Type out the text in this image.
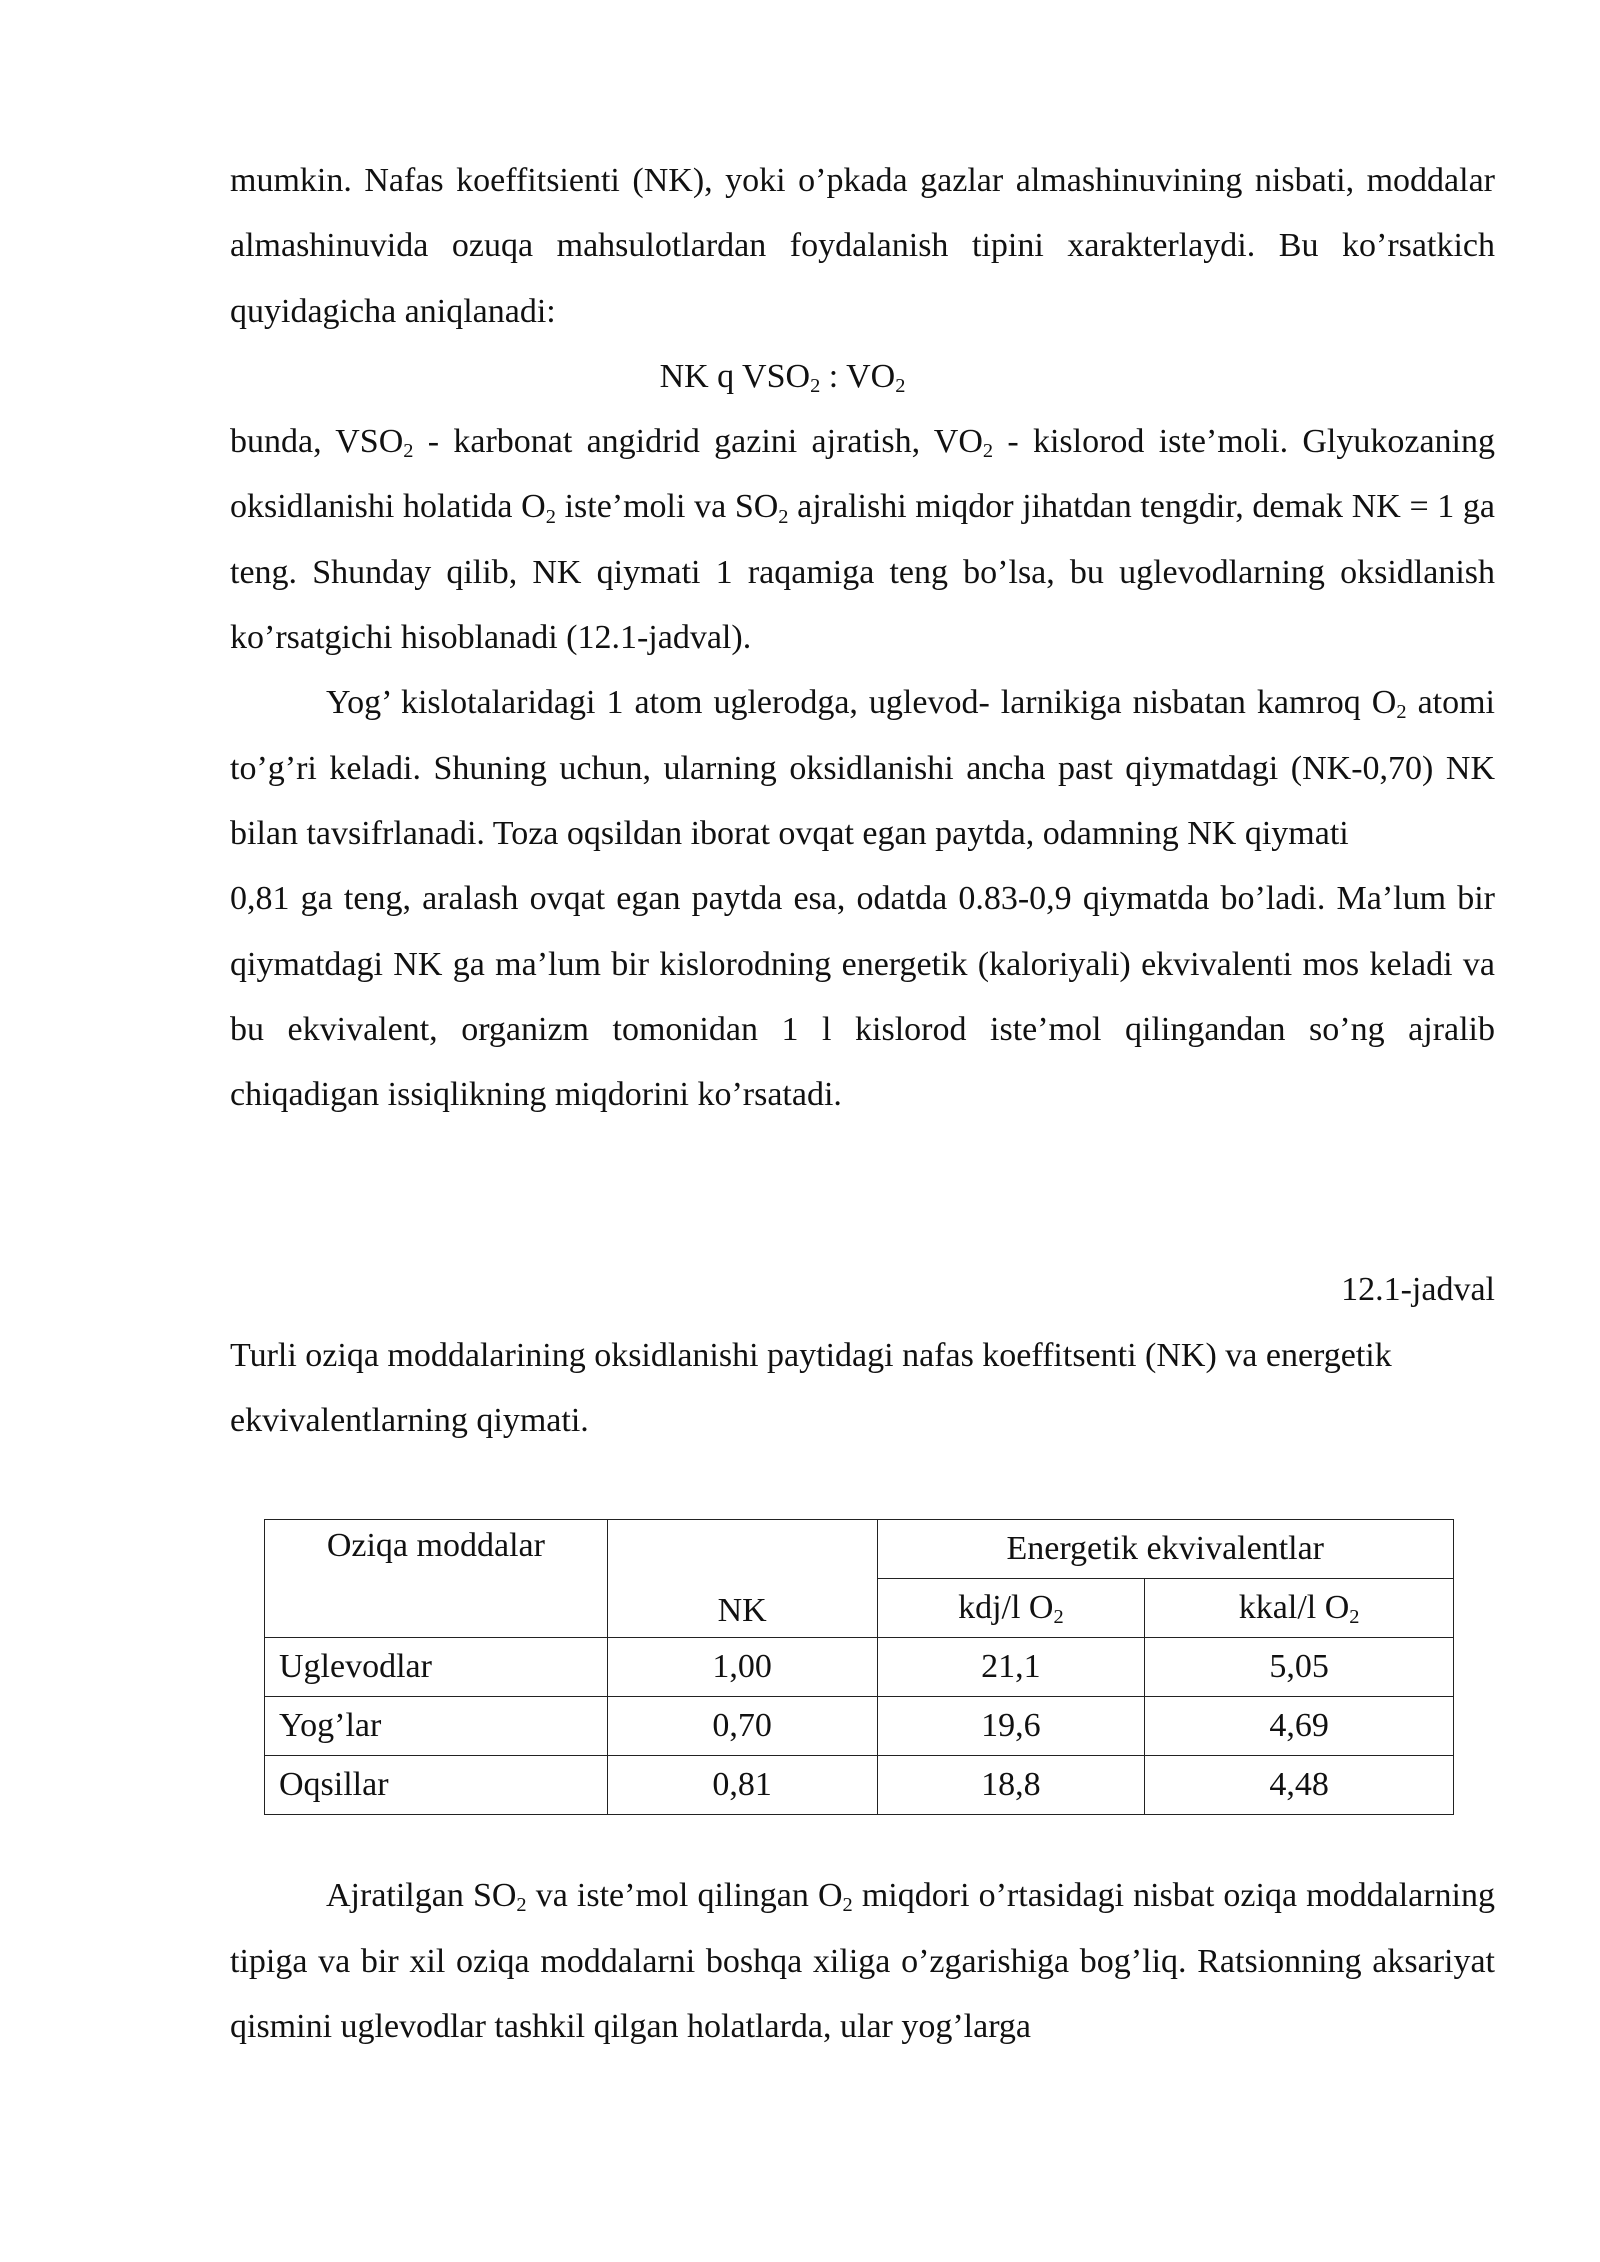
mumkin. Nafas koeffitsienti (NK), yoki o’pkada gazlar almashinuvining nisbati, moddalar almashinuvida ozuqa mahsulotlardan foydalanish tipini xarakterlaydi. Bu ko’rsatkich quyidagicha aniqlanadi:

NK q $VSO_2$ : $VO_2$

bunda, $VSO_2$ - karbonat angidrid gazini ajratish, $VO_2$ - kislorod iste’moli. Glyukozaning oksidlanishi holatida $O_2$ iste’moli va $SO_2$ ajralishi miqdor jihatdan tengdir, demak NK = 1 ga teng. Shunday qilib, NK qiymati 1 raqamiga teng bo’lsa, bu uglevodlarning oksidlanish ko’rsatgichi hisoblanadi (12.1-jadval).

Yog’ kislotalaridagi 1 atom uglerodga, uglevod- larnikiga nisbatan kamroq $O_2$ atomi to’g’ri keladi. Shuning uchun, ularning oksidlanishi ancha past qiymatdagi (NK-0,70) NK bilan tavsifrlanadi. Toza oqsildan iborat ovqat egan paytda, odamning NK qiymati

0,81 ga teng, aralash ovqat egan paytda esa, odatda 0.83-0,9 qiymatda bo’ladi. Ma’lum bir qiymatdagi NK ga ma’lum bir kislorodning energetik (kaloriyali) ekvivalenti mos keladi va bu ekvivalent, organizm tomonidan 1 l kislorod iste’mol qilingandan so’ng ajralib chiqadigan issiqlikning miqdorini ko’rsatadi.

12.1-jadval

Turli oziqa moddalarining oksidlanishi paytidagi nafas koeffitsenti (NK) va energetik ekvivalentlarning qiymati.

Oziqa moddalar	NK	Energetik ekvivalentlar	
		kdj/l $O_2$	kkal/l $O_2$
Uglevodlar	1,00	21,1	5,05
Yog’lar	0,70	19,6	4,69
Oqsillar	0,81	18,8	4,48

Ajratilgan $SO_2$ va iste’mol qilingan $O_2$ miqdori o’rtasidagi nisbat oziqa moddalarning tipiga va bir xil oziqa moddalarni boshqa xiliga o’zgarishiga bog’liq. Ratsionning aksariyat qismini uglevodlar tashkil qilgan holatlarda, ular yog’larga
